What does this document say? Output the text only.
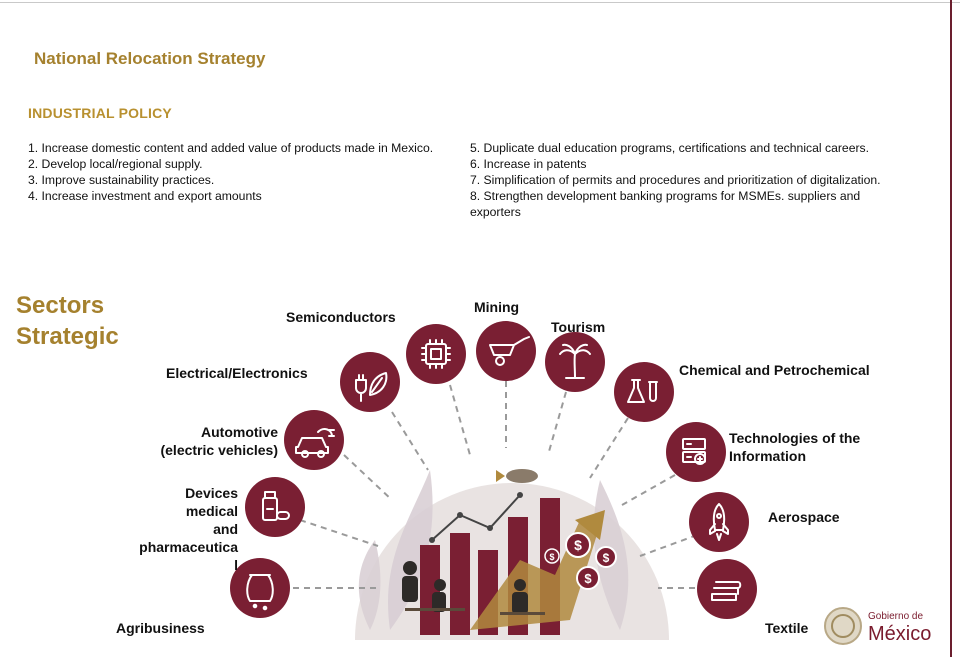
National Relocation Strategy
INDUSTRIAL POLICY
1. Increase domestic content and added value of products made in Mexico.
2. Develop local/regional supply.
3. Improve sustainability practices.
4. Increase investment and export amounts
5. Duplicate dual education programs, certifications and technical careers.
6. Increase in patents
7. Simplification of permits and procedures and prioritization of digitalization.
8. Strengthen development banking programs for MSMEs. suppliers and exporters
Sectors
Strategic
$
$
$
$
Semiconductors
Mining
Tourism
Electrical/Electronics	Chemical and Petrochemical
Automotive
(electric vehicles)
Technologies of the
Information
Devices
medical
and
pharmaceutica
l
Aerospace
Agribusiness	Textile
Gobierno de
México
